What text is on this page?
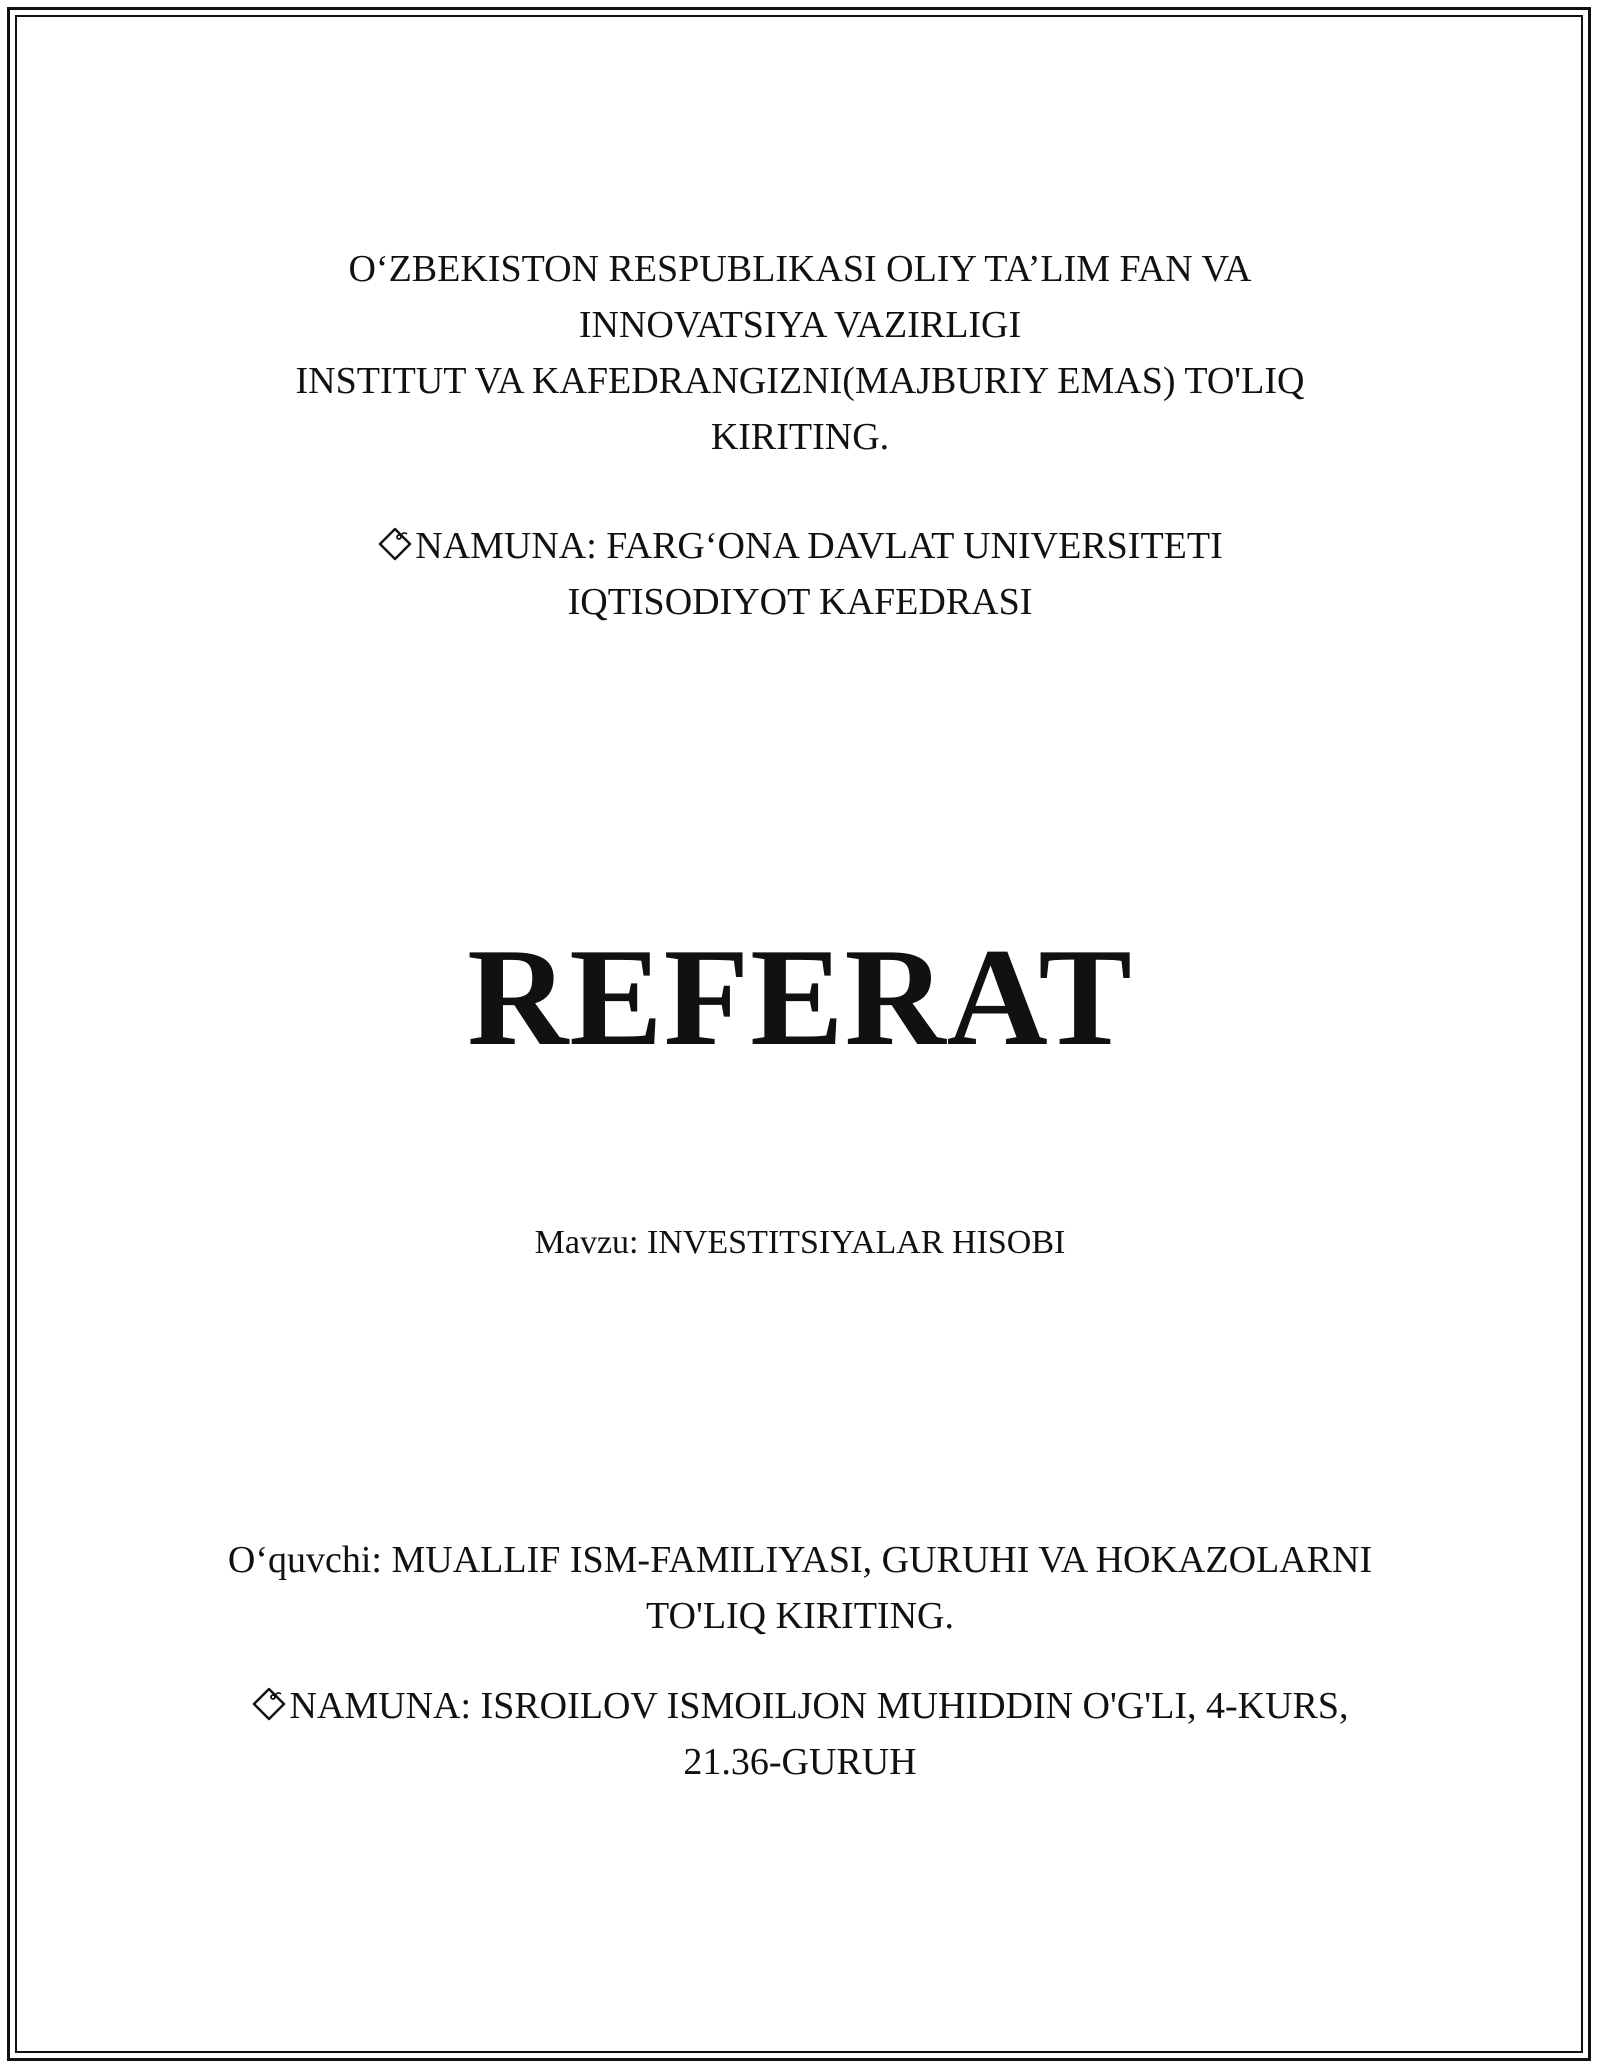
O‘ZBEKISTON RESPUBLIKASI OLIY TA’LIM FAN VA
INNOVATSIYA VAZIRLIGI
INSTITUT VA KAFEDRANGIZNI(MAJBURIY EMAS) TO'LIQ
KIRITING.
NAMUNA: FARG‘ONA DAVLAT UNIVERSITETI
IQTISODIYOT KAFEDRASI
REFERAT
Mavzu: INVESTITSIYALAR HISOBI
O‘quvchi: MUALLIF ISM-FAMILIYASI, GURUHI VA HOKAZOLARNI
TO'LIQ KIRITING.
NAMUNA: ISROILOV ISMOILJON MUHIDDIN O'G'LI, 4-KURS,
21.36-GURUH
